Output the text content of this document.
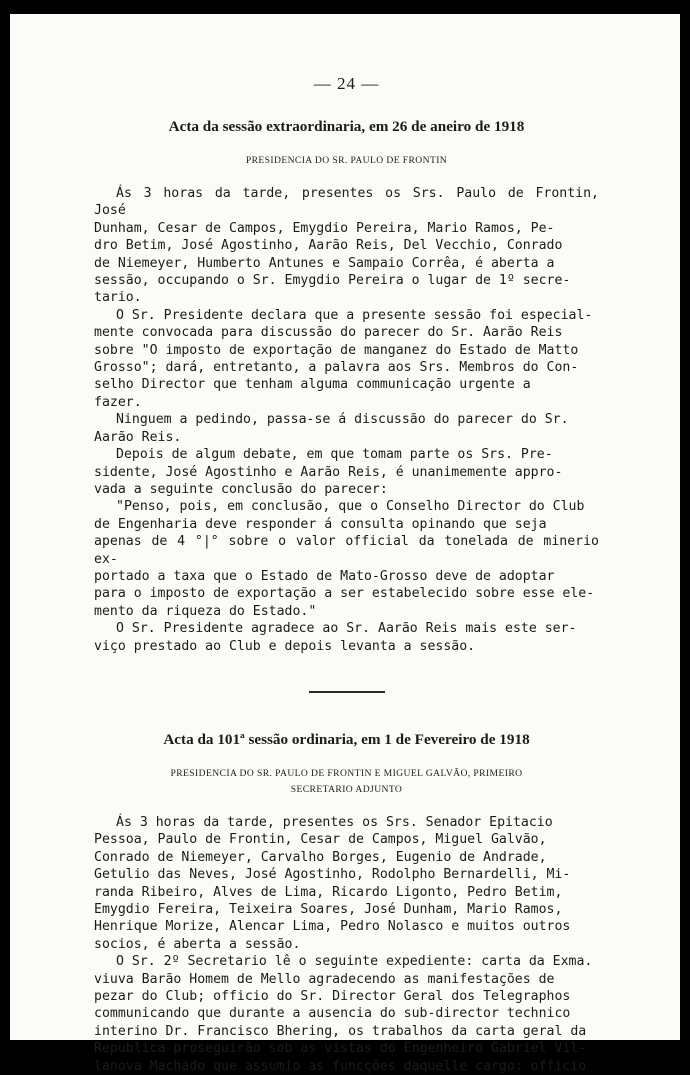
— 24 —
Acta da sessão extraordinaria, em 26 de aneiro de 1918
PRESIDENCIA DO SR. PAULO DE FRONTIN
Ás 3 horas da tarde, presentes os Srs. Paulo de Frontin, José
Dunham, Cesar de Campos, Emygdio Pereira, Mario Ramos, Pe-
dro Betim, José Agostinho, Aarão Reis, Del Vecchio, Conrado
de Niemeyer, Humberto Antunes e Sampaio Corrêa, é aberta a
sessão, occupando o Sr. Emygdio Pereira o lugar de 1º secre-
tario.
O Sr. Presidente declara que a presente sessão foi especial-
mente convocada para discussão do parecer do Sr. Aarão Reis
sobre "O imposto de exportação de manganez do Estado de Matto
Grosso"; dará, entretanto, a palavra aos Srs. Membros do Con-
selho Director que tenham alguma communicação urgente a
fazer.
Ninguem a pedindo, passa-se á discussão do parecer do Sr.
Aarão Reis.
Depois de algum debate, em que tomam parte os Srs. Pre-
sidente, José Agostinho e Aarão Reis, é unanimemente appro-
vada a seguinte conclusão do parecer:
"Penso, pois, em conclusão, que o Conselho Director do Club
de Engenharia deve responder á consulta opinando que seja
apenas de 4 °|° sobre o valor official da tonelada de minerio ex-
portado a taxa que o Estado de Mato-Grosso deve de adoptar
para o imposto de exportação a ser estabelecido sobre esse ele-
mento da riqueza do Estado."
O Sr. Presidente agradece ao Sr. Aarão Reis mais este ser-
viço prestado ao Club e depois levanta a sessão.
Acta da 101ª sessão ordinaria, em 1 de Fevereiro de 1918
PRESIDENCIA DO SR. PAULO DE FRONTIN E MIGUEL GALVÃO, PRIMEIRO
SECRETARIO ADJUNTO
Ás 3 horas da tarde, presentes os Srs. Senador Epitacio
Pessoa, Paulo de Frontin, Cesar de Campos, Miguel Galvão,
Conrado de Niemeyer, Carvalho Borges, Eugenio de Andrade,
Getulio das Neves, José Agostinho, Rodolpho Bernardelli, Mi-
randa Ribeiro, Alves de Lima, Ricardo Ligonto, Pedro Betim,
Emygdio Fereira, Teixeira Soares, José Dunham, Mario Ramos,
Henrique Morize, Alencar Lima, Pedro Nolasco e muitos outros
socios, é aberta a sessão.
O Sr. 2º Secretario lê o seguinte expediente: carta da Exma.
viuva Barão Homem de Mello agradecendo as manifestações de
pezar do Club; officio do Sr. Director Geral dos Telegraphos
communicando que durante a ausencia do sub-director technico
interino Dr. Francisco Bhering, os trabalhos da carta geral da
Republica proseguirão sob as vistas do Engenheiro Gabriel Vil-
lanova Machado que assumio as funcções daquelle cargo: officio
